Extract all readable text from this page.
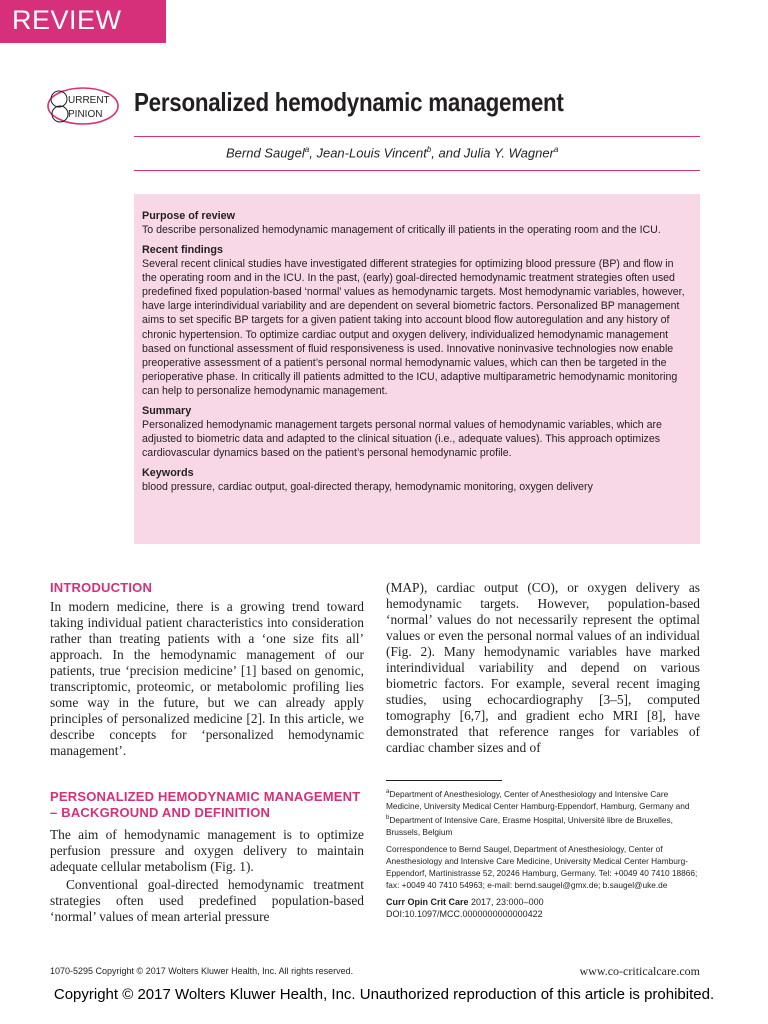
REVIEW
URRENT
PINION Personalized hemodynamic management
Bernd Saugel$^a$, Jean-Louis Vincent$^b$, and Julia Y. Wagner$^a$
Purpose of review

To describe personalized hemodynamic management of critically ill patients in the operating room and the ICU.

Recent findings

Several recent clinical studies have investigated different strategies for optimizing blood pressure (BP) and flow in the operating room and in the ICU. In the past, (early) goal-directed hemodynamic treatment strategies often used predefined fixed population-based ‘normal’ values as hemodynamic targets. Most hemodynamic variables, however, have large interindividual variability and are dependent on several biometric factors. Personalized BP management aims to set specific BP targets for a given patient taking into account blood flow autoregulation and any history of chronic hypertension. To optimize cardiac output and oxygen delivery, individualized hemodynamic management based on functional assessment of fluid responsiveness is used. Innovative noninvasive technologies now enable preoperative assessment of a patient’s personal normal hemodynamic values, which can then be targeted in the perioperative phase. In critically ill patients admitted to the ICU, adaptive multiparametric hemodynamic monitoring can help to personalize hemodynamic management.

Summary

Personalized hemodynamic management targets personal normal values of hemodynamic variables, which are adjusted to biometric data and adapted to the clinical situation (i.e., adequate values). This approach optimizes cardiovascular dynamics based on the patient’s personal hemodynamic profile.

Keywords

blood pressure, cardiac output, goal-directed therapy, hemodynamic monitoring, oxygen delivery

INTRODUCTION

In modern medicine, there is a growing trend toward taking individual patient characteristics into consideration rather than treating patients with a ‘one size fits all’ approach. In the hemodynamic management of our patients, true ‘precision medicine’ [1] based on genomic, transcriptomic, proteomic, or metabolomic profiling lies some way in the future, but we can already apply principles of personalized medicine [2]. In this article, we describe concepts for ‘personalized hemodynamic management’.

PERSONALIZED HEMODYNAMIC MANAGEMENT – BACKGROUND AND DEFINITION

The aim of hemodynamic management is to optimize perfusion pressure and oxygen delivery to maintain adequate cellular metabolism (Fig. 1).

Conventional goal-directed hemodynamic treatment strategies often used predefined population-based ‘normal’ values of mean arterial pressure

(MAP), cardiac output (CO), or oxygen delivery as hemodynamic targets. However, population-based ‘normal’ values do not necessarily represent the optimal values or even the personal normal values of an individual (Fig. 2). Many hemodynamic variables have marked interindividual variability and depend on various biometric factors. For example, several recent imaging studies, using echocardiography [3–5], computed tomography [6,7], and gradient echo MRI [8], have demonstrated that reference ranges for variables of cardiac chamber sizes and of

$^a$Department of Anesthesiology, Center of Anesthesiology and Intensive Care Medicine, University Medical Center Hamburg-Eppendorf, Hamburg, Germany and $^b$Department of Intensive Care, Erasme Hospital, Université libre de Bruxelles, Brussels, Belgium

Correspondence to Bernd Saugel, Department of Anesthesiology, Center of Anesthesiology and Intensive Care Medicine, University Medical Center Hamburg-Eppendorf, Martinistrasse 52, 20246 Hamburg, Germany. Tel: +0049 40 7410 18866; fax: +0049 40 7410 54963; e-mail: bernd.saugel@gmx.de; b.saugel@uke.de

Curr Opin Crit Care 2017, 23:000–000

DOI:10.1097/MCC.0000000000000422

1070-5295 Copyright © 2017 Wolters Kluwer Health, Inc. All rights reserved.	www.co-criticalcare.com
Copyright © 2017 Wolters Kluwer Health, Inc. Unauthorized reproduction of this article is prohibited.
